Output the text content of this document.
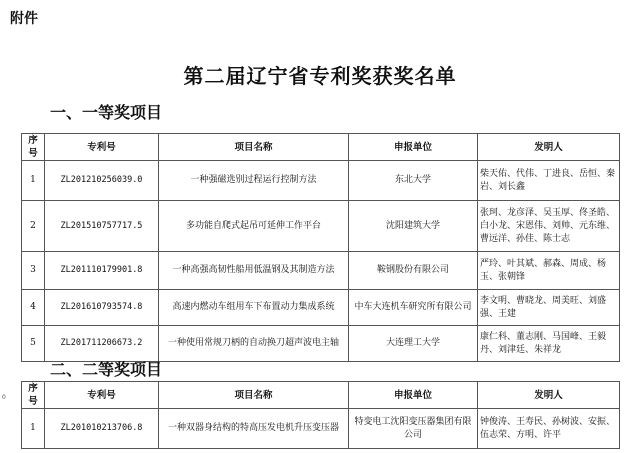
附件
第二届辽宁省专利奖获奖名单
一、一等奖项目
序号	专利号	项目名称	申报单位	发明人
1	ZL201210256039.0	一种强磁选别过程运行控制方法	东北大学	柴天佑、代伟、丁进良、岳恒、秦岩、刘长鑫
2	ZL201510757717.5	多功能自爬式起吊可延伸工作平台	沈阳建筑大学	张珂、龙彦泽、吴玉厚、佟圣皓、白小龙、宋恩伟、刘帅、元东维、曹远洋、孙佳、陈士志
3	ZL201110179901.8	一种高强高韧性船用低温钢及其制造方法	鞍钢股份有限公司	严玲、叶其斌、郝森、周成、杨玉、张朝锋
4	ZL201610793574.8	高速内燃动车组用车下布置动力集成系统	中车大连机车研究所有限公司	李文明、曹晓龙、周美旺、刘盛强、王建
5	ZL201711206673.2	一种使用常规刀柄的自动换刀超声波电主轴	大连理工大学	康仁科、董志刚、马国峰、王毅丹、刘津廷、朱祥龙
二、二等奖项目
0
序号	专利号	项目名称	申报单位	发明人
1	ZL201010213706.8	一种双器身结构的特高压发电机升压变压器	特变电工沈阳变压器集团有限公司	钟俊涛、王寿民、孙树波、安振、伍志荣、方明、许平
